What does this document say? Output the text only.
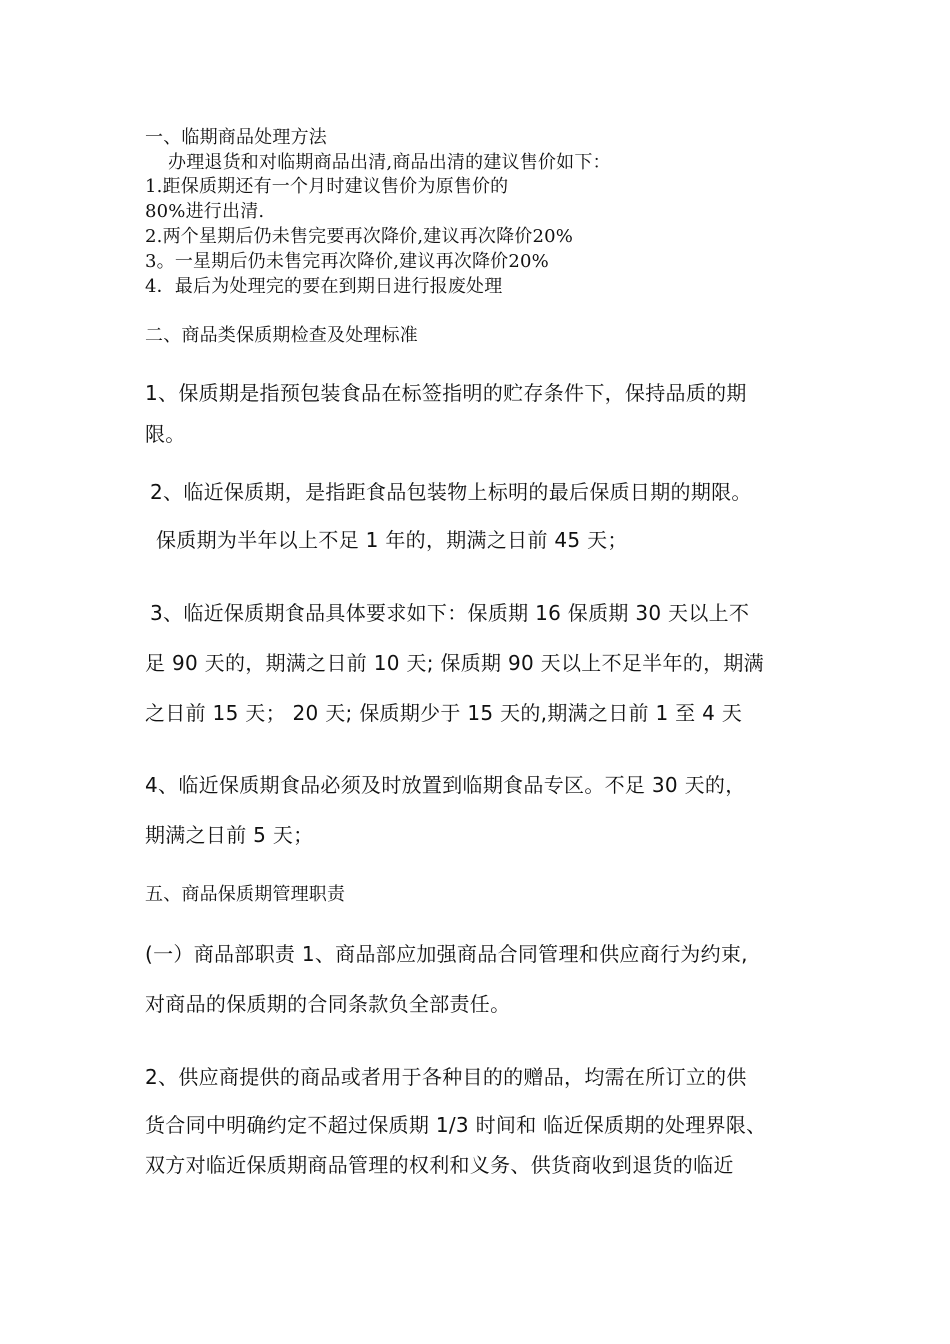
一、临期商品处理方法

办理退货和对临期商品出清,商品出清的建议售价如下：

1.距保质期还有一个月时建议售价为原售价的

80%进行出清.

2.两个星期后仍未售完要再次降价,建议再次降价20%

3。一星期后仍未售完再次降价,建议再次降价20%

4．最后为处理完的要在到期日进行报废处理

二、商品类保质期检查及处理标准

1、保质期是指预包装食品在标签指明的贮存条件下，保持品质的期

限。

2、临近保质期，是指距食品包装物上标明的最后保质日期的期限。

保质期为半年以上不足 1 年的，期满之日前 45 天；

3、临近保质期食品具体要求如下：保质期 16 保质期 30 天以上不

足 90 天的，期满之日前 10 天; 保质期 90 天以上不足半年的，期满

之日前 15 天； 20 天; 保质期少于 15 天的,期满之日前 1 至 4 天

4、临近保质期食品必须及时放置到临期食品专区。不足 30 天的，

期满之日前 5 天；

五、商品保质期管理职责

(一）商品部职责 1、商品部应加强商品合同管理和供应商行为约束,

对商品的保质期的合同条款负全部责任。

2、供应商提供的商品或者用于各种目的的赠品，均需在所订立的供

货合同中明确约定不超过保质期 1/3 时间和 临近保质期的处理界限、

双方对临近保质期商品管理的权利和义务、供货商收到退货的临近
